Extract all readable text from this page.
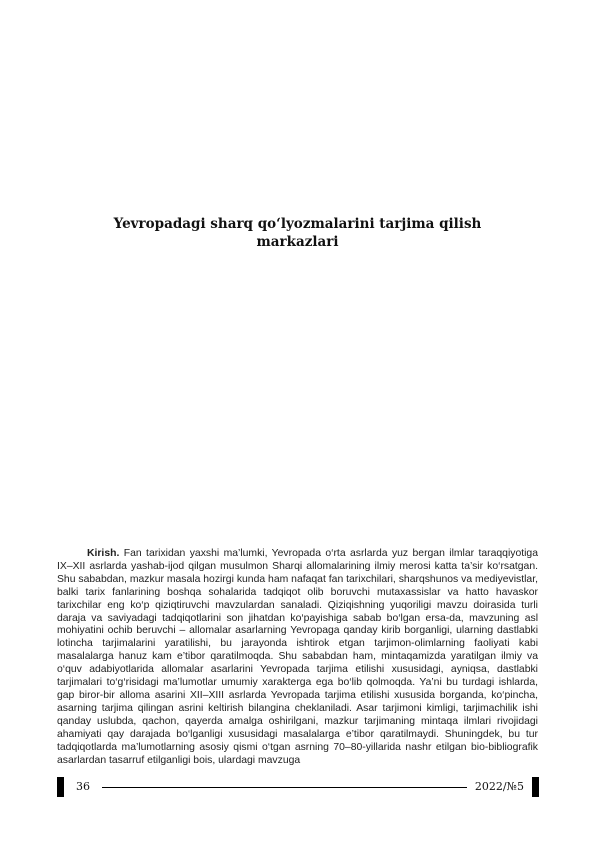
Yevropadagi sharq qo‘lyozmalarini tarjima qilish
markazlari

Kirish. Fan tarixidan yaxshi ma’lumki, Yevropada o‘rta asrlarda yuz bergan ilmlar taraqqiyotiga IX–XII asrlarda yashab-ijod qilgan musulmon Sharqi allomalarining ilmiy merosi katta ta’sir ko‘rsatgan. Shu sababdan, mazkur masala hozirgi kunda ham nafaqat fan tarixchilari, sharqshunos va mediyevistlar, balki tarix fanlarining boshqa sohalarida tadqiqot olib boruvchi mutaxassislar va hatto havaskor tarixchilar eng ko‘p qiziqtiruvchi mavzulardan sanaladi. Qiziqishning yuqoriligi mavzu doirasida turli daraja va saviyadagi tadqiqotlarini son jihatdan ko‘payishiga sabab bo‘lgan ersa-da, mavzuning asl mohiyatini ochib beruvchi – allomalar asarlarning Yevropaga qanday kirib borganligi, ularning dastlabki lotincha tarjimalarini yaratilishi, bu jarayonda ishtirok etgan tarjimon-olimlarning faoliyati kabi masalalarga hanuz kam e’tibor qaratilmoqda. Shu sababdan ham, mintaqamizda yaratilgan ilmiy va o‘quv adabiyotlarida allomalar asarlarini Yevropada tarjima etilishi xususidagi, ayniqsa, dastlabki tarjimalari to‘g‘risidagi ma’lumotlar umumiy xarakterga ega bo‘lib qolmoqda. Ya’ni bu turdagi ishlarda, gap biror-bir alloma asarini XII–XIII asrlarda Yevropada tarjima etilishi xususida borganda, ko‘pincha, asarning tarjima qilingan asrini keltirish bilangina cheklaniladi. Asar tarjimoni kimligi, tarjimachilik ishi qanday uslubda, qachon, qayerda amalga oshirilgani, mazkur tarjimaning mintaqa ilmlari rivojidagi ahamiyati qay darajada bo‘lganligi xususidagi masalalarga e’tibor qaratilmaydi. Shuningdek, bu tur tadqiqotlarda ma’lumotlarning asosiy qismi o‘tgan asrning 70–80-yillarida nashr etilgan bio-bibliografik asarlardan tasarruf etilganligi bois, ulardagi mavzuga

36	2022/№5
